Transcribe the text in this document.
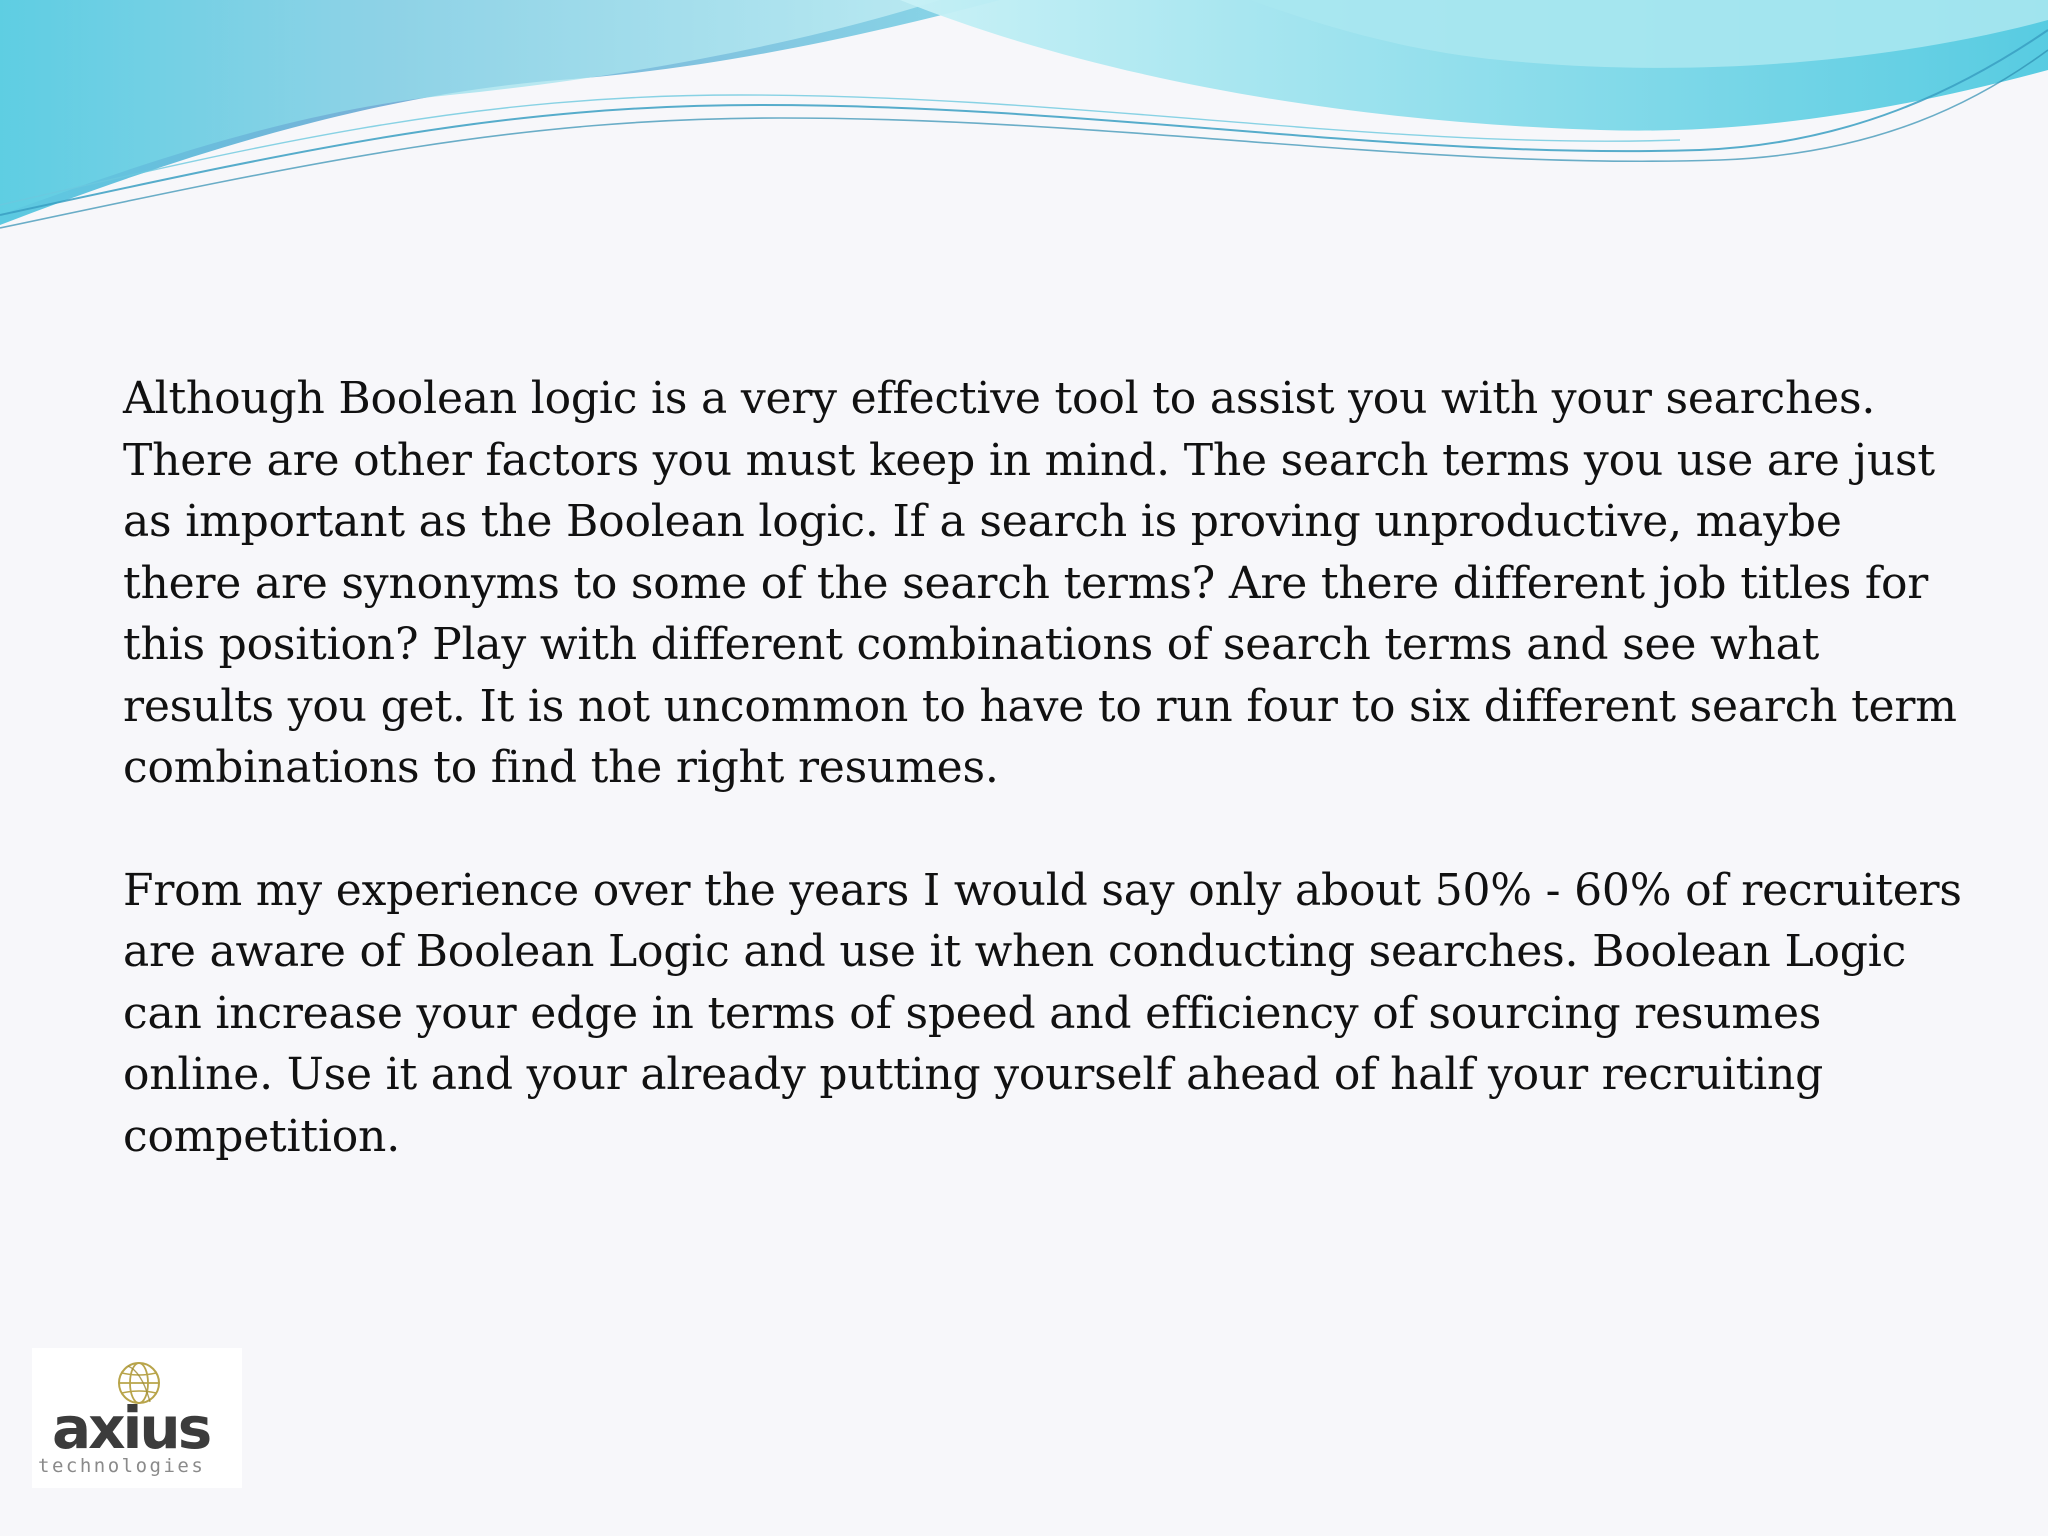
Although Boolean logic is a very effective tool to assist you with your searches. There are other factors you must keep in mind. The search terms you use are just as important as the Boolean logic. If a search is proving unproductive, maybe there are synonyms to some of the search terms? Are there different job titles for this position? Play with different combinations of search terms and see what results you get. It is not uncommon to have to run four to six different search term combinations to find the right resumes.

From my experience over the years I would say only about 50% - 60% of recruiters are aware of Boolean Logic and use it when conducting searches. Boolean Logic can increase your edge in terms of speed and efficiency of sourcing resumes online. Use it and your already putting yourself ahead of half your recruiting competition.

axius
technologies
